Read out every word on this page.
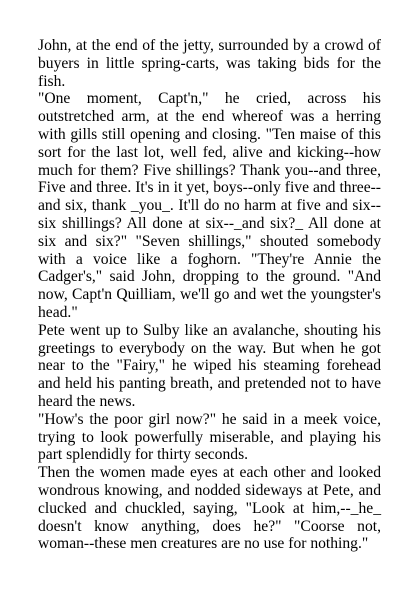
John, at the end of the jetty, surrounded by a crowd of buyers in little spring-carts, was taking bids for the fish.

"One moment, Capt'n," he cried, across his outstretched arm, at the end whereof was a herring with gills still opening and closing. "Ten maise of this sort for the last lot, well fed, alive and kicking--how much for them? Five shillings? Thank you--and three, Five and three. It's in it yet, boys--only five and three--and six, thank _you_. It'll do no harm at five and six--six shillings? All done at six--_and six?_ All done at six and six?" "Seven shillings," shouted somebody with a voice like a foghorn. "They're Annie the Cadger's," said John, dropping to the ground. "And now, Capt'n Quilliam, we'll go and wet the youngster's head."

Pete went up to Sulby like an avalanche, shouting his greetings to everybody on the way. But when he got near to the "Fairy," he wiped his steaming forehead and held his panting breath, and pretended not to have heard the news.

"How's the poor girl now?" he said in a meek voice, trying to look powerfully miserable, and playing his part splendidly for thirty seconds.

Then the women made eyes at each other and looked wondrous knowing, and nodded sideways at Pete, and clucked and chuckled, saying, "Look at him,--_he_ doesn't know anything, does he?" "Coorse not, woman--these men creatures are no use for nothing."
